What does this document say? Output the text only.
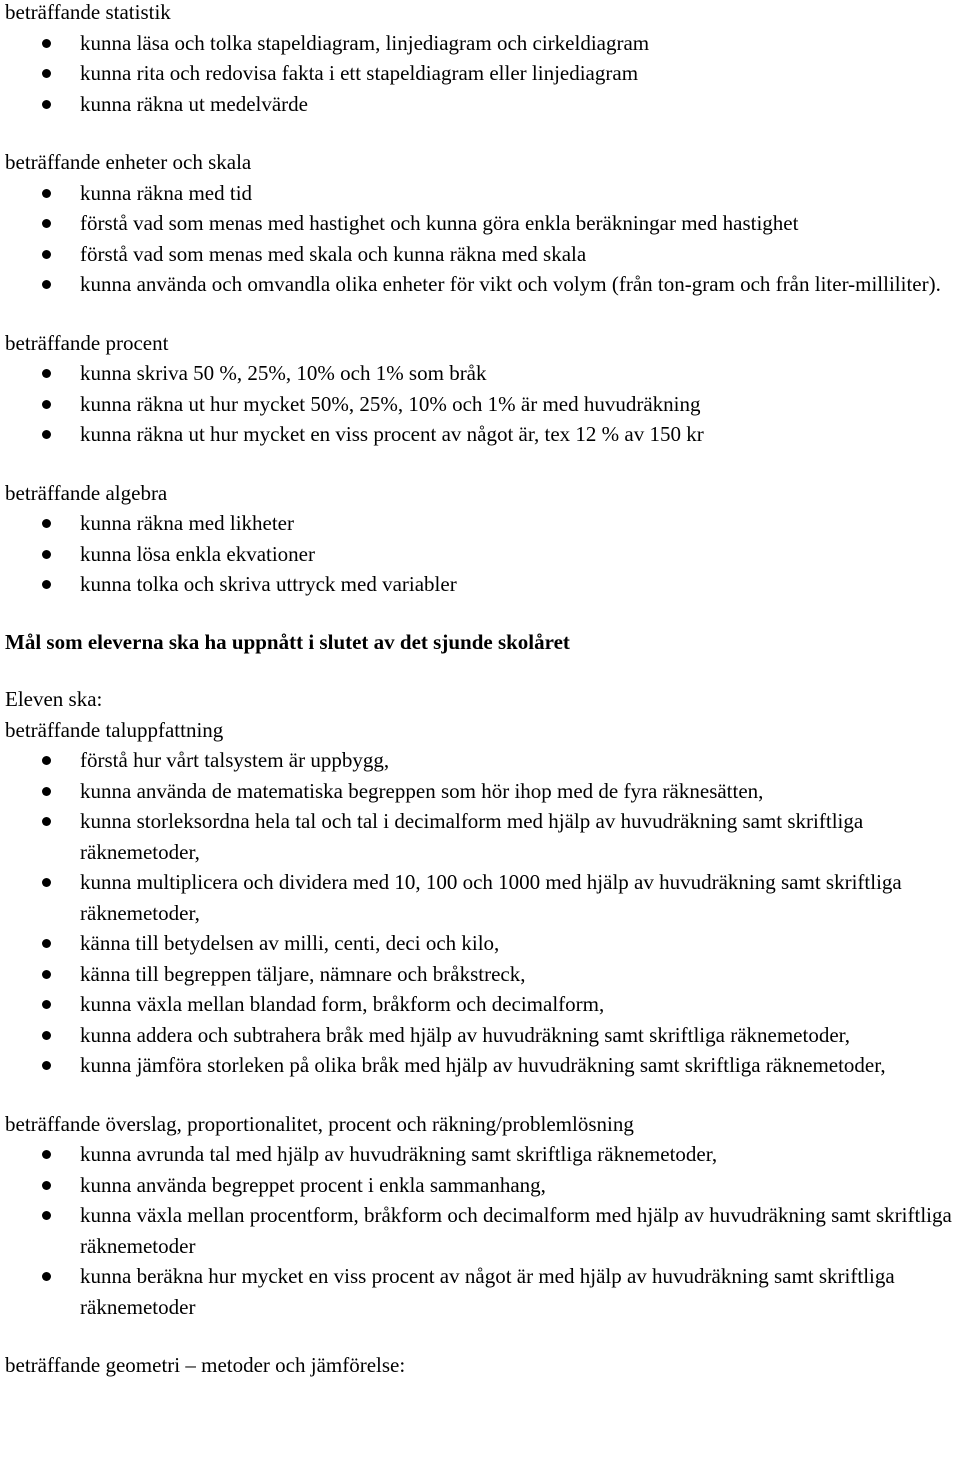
beträffande statistik
kunna läsa och tolka stapeldiagram, linjediagram och cirkeldiagram
kunna rita och redovisa fakta i ett stapeldiagram eller linjediagram
kunna räkna ut medelvärde
beträffande enheter och skala
kunna räkna med tid
förstå vad som menas med hastighet och kunna göra enkla beräkningar med hastighet
förstå vad som menas med skala och kunna räkna med skala
kunna använda och omvandla olika enheter för vikt och volym (från ton-gram och från liter-milliliter).
beträffande procent
kunna skriva 50 %, 25%, 10% och 1% som bråk
kunna räkna ut hur mycket 50%, 25%, 10% och 1% är med huvudräkning
kunna räkna ut hur mycket en viss procent av något är, tex 12 % av 150 kr
beträffande algebra
kunna räkna med likheter
kunna lösa enkla ekvationer
kunna tolka och skriva uttryck med variabler
Mål som eleverna ska ha uppnått i slutet av det sjunde skolåret
Eleven ska:
beträffande taluppfattning
förstå hur vårt talsystem är uppbygg,
kunna använda de matematiska begreppen som hör ihop med de fyra räknesätten,
kunna storleksordna hela tal och tal i decimalform med hjälp av huvudräkning samt skriftliga räknemetoder,
kunna multiplicera och dividera med 10, 100 och 1000 med hjälp av huvudräkning samt skriftliga räknemetoder,
känna till betydelsen av milli, centi, deci och kilo,
känna till begreppen täljare, nämnare och bråkstreck,
kunna växla mellan blandad form, bråkform och decimalform,
kunna addera och subtrahera bråk med hjälp av huvudräkning samt skriftliga räknemetoder,
kunna jämföra storleken på olika bråk med hjälp av huvudräkning samt skriftliga räknemetoder,
beträffande överslag, proportionalitet, procent och räkning/problemlösning
kunna avrunda tal med hjälp av huvudräkning samt skriftliga räknemetoder,
kunna använda begreppet procent i enkla sammanhang,
kunna växla mellan procentform, bråkform och decimalform med hjälp av huvudräkning samt skriftliga räknemetoder
kunna beräkna hur mycket en viss procent av något är med hjälp av huvudräkning samt skriftliga räknemetoder
beträffande geometri – metoder och jämförelse:
